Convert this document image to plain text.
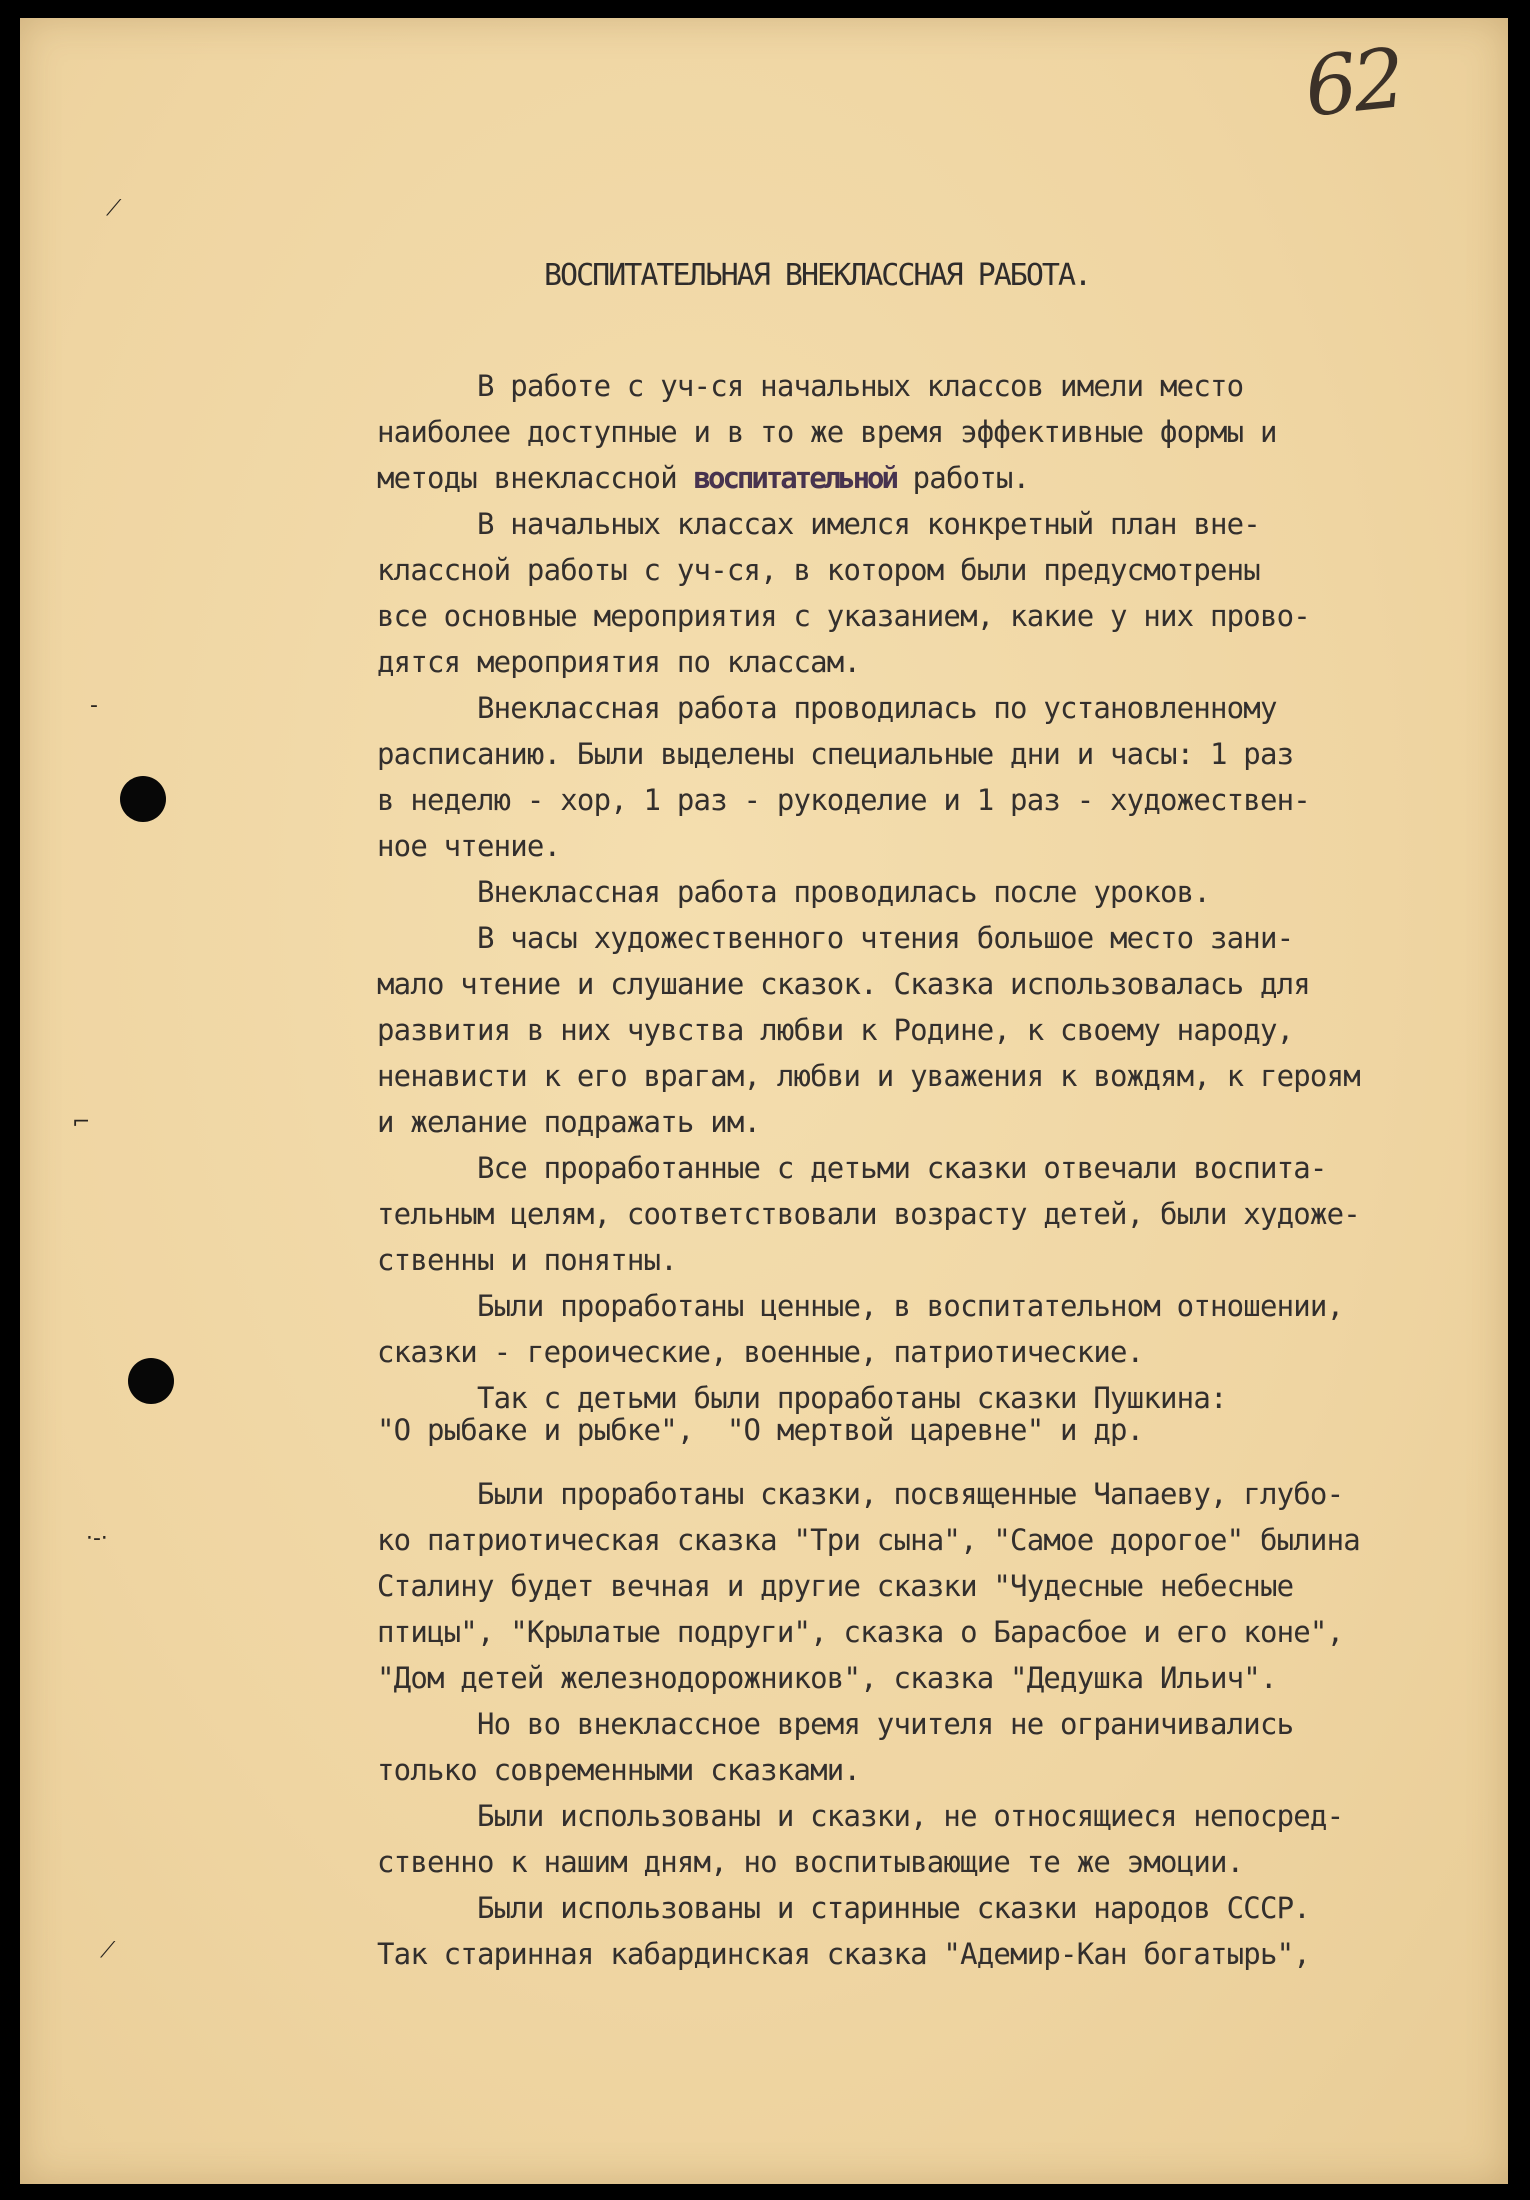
62
⟋
‐
⌐
⋅‐⋅
⟋
ВОСПИТАТЕЛЬНАЯ ВНЕКЛАССНАЯ РАБОТА.
В работе с уч-ся начальных классов имели место
наиболее доступные и в то же время эффективные формы и
методы внеклассной воспитательной работы.
В начальных классах имелся конкретный план вне-
классной работы с уч-ся, в котором были предусмотрены
все основные мероприятия с указанием, какие у них прово-
дятся мероприятия по классам.
Внеклассная работа проводилась по установленному
расписанию. Были выделены специальные дни и часы: 1 раз
в неделю - хор, 1 раз - рукоделие и 1 раз - художествен-
ное чтение.
Внеклассная работа проводилась после уроков.
В часы художественного чтения большое место зани-
мало чтение и слушание сказок. Сказка использовалась для
развития в них чувства любви к Родине, к своему народу,
ненависти к его врагам, любви и уважения к вождям, к героям
и желание подражать им.
Все проработанные с детьми сказки отвечали воспита-
тельным целям, соответствовали возрасту детей, были художе-
ственны и понятны.
Были проработаны ценные, в воспитательном отношении,
сказки - героические, военные, патриотические.
Так с детьми были проработаны сказки Пушкина:
"О рыбаке и рыбке",  "О мертвой царевне" и др.
Были проработаны сказки, посвященные Чапаеву, глубо-
ко патриотическая сказка "Три сына", "Самое дорогое" былина
Сталину будет вечная и другие сказки "Чудесные небесные
птицы", "Крылатые подруги", сказка о Барасбое и его коне",
"Дом детей железнодорожников", сказка "Дедушка Ильич".
Но во внеклассное время учителя не ограничивались
только современными сказками.
Были использованы и сказки, не относящиеся непосред-
ственно к нашим дням, но воспитывающие те же эмоции.
Были использованы и старинные сказки народов СССР.
Так старинная кабардинская сказка "Адемир-Кан богатырь",
